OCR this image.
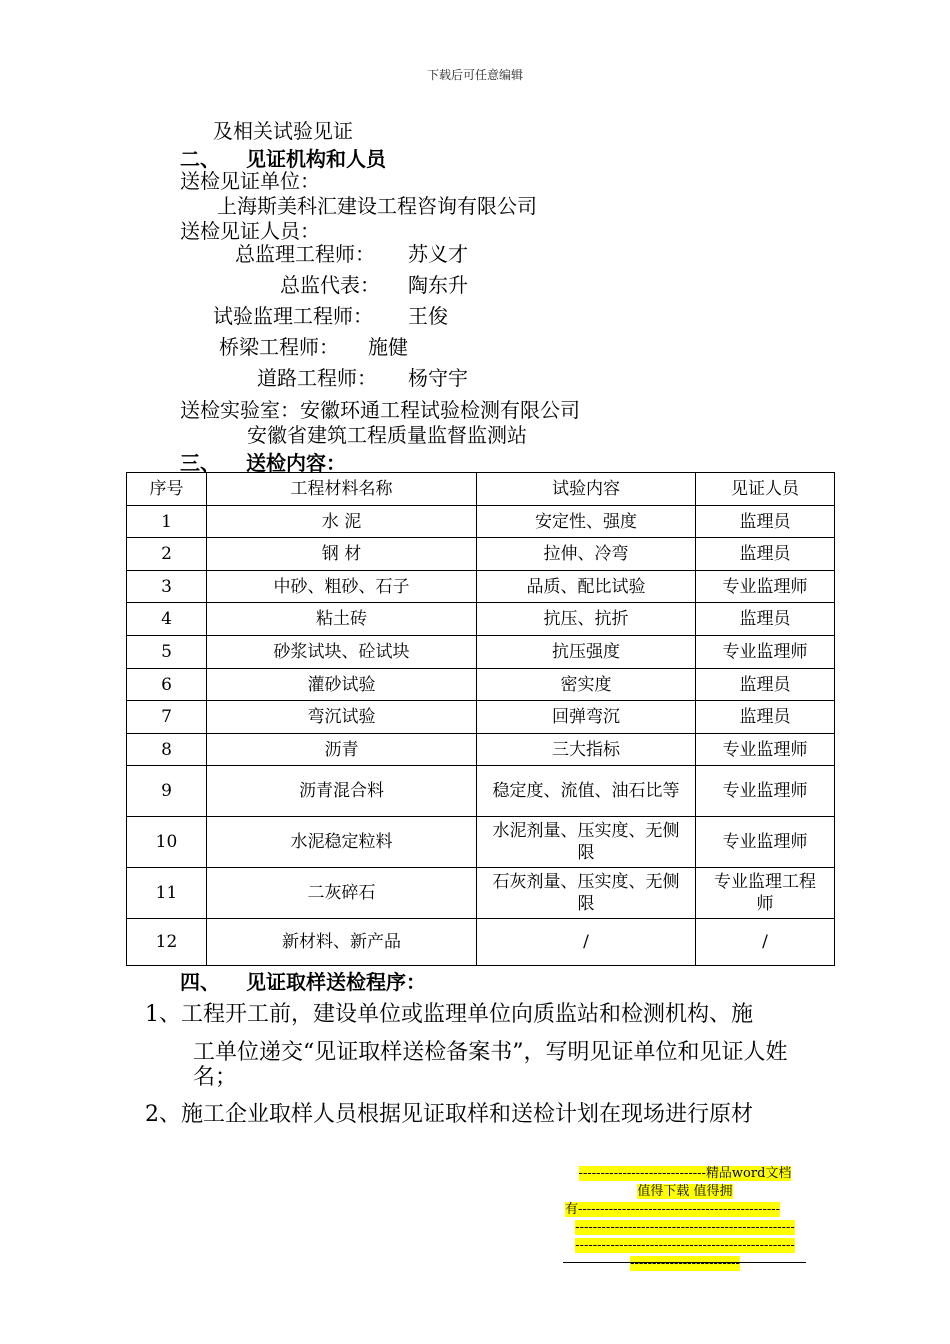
下载后可任意编辑
及相关试验见证
二、 见证机构和人员
送检见证单位：
上海斯美科汇建设工程咨询有限公司
送检见证人员：
总监理工程师： 苏义才
总监代表： 陶东升
试验监理工程师： 王俊
桥梁工程师： 施健
道路工程师： 杨守宇
送检实验室：安徽环通工程试验检测有限公司
安徽省建筑工程质量监督监测站
三、 送检内容：
序号	工程材料名称	试验内容	见证人员
1	水 泥	安定性、强度	监理员
2	钢 材	拉伸、冷弯	监理员
3	中砂、粗砂、石子	品质、配比试验	专业监理师
4	粘土砖	抗压、抗折	监理员
5	砂浆试块、砼试块	抗压强度	专业监理师
6	灌砂试验	密实度	监理员
7	弯沉试验	回弹弯沉	监理员
8	沥青	三大指标	专业监理师
9	沥青混合料	稳定度、流值、油石比等	专业监理师
10	水泥稳定粒料	水泥剂量、压实度、无侧限	专业监理师
11	二灰碎石	石灰剂量、压实度、无侧限	专业监理工程师
12	新材料、新产品	/	/
四、 见证取样送检程序：
1、工程开工前，建设单位或监理单位向质监站和检测机构、施
工单位递交“见证取样送检备案书”，写明见证单位和见证人姓名；
2、施工企业取样人员根据见证取样和送检计划在现场进行原材
-----------------------------精品word文档
值得下载 值得拥
有----------------------------------------------
--------------------------------------------------
--------------------------------------------------
-------------------------
